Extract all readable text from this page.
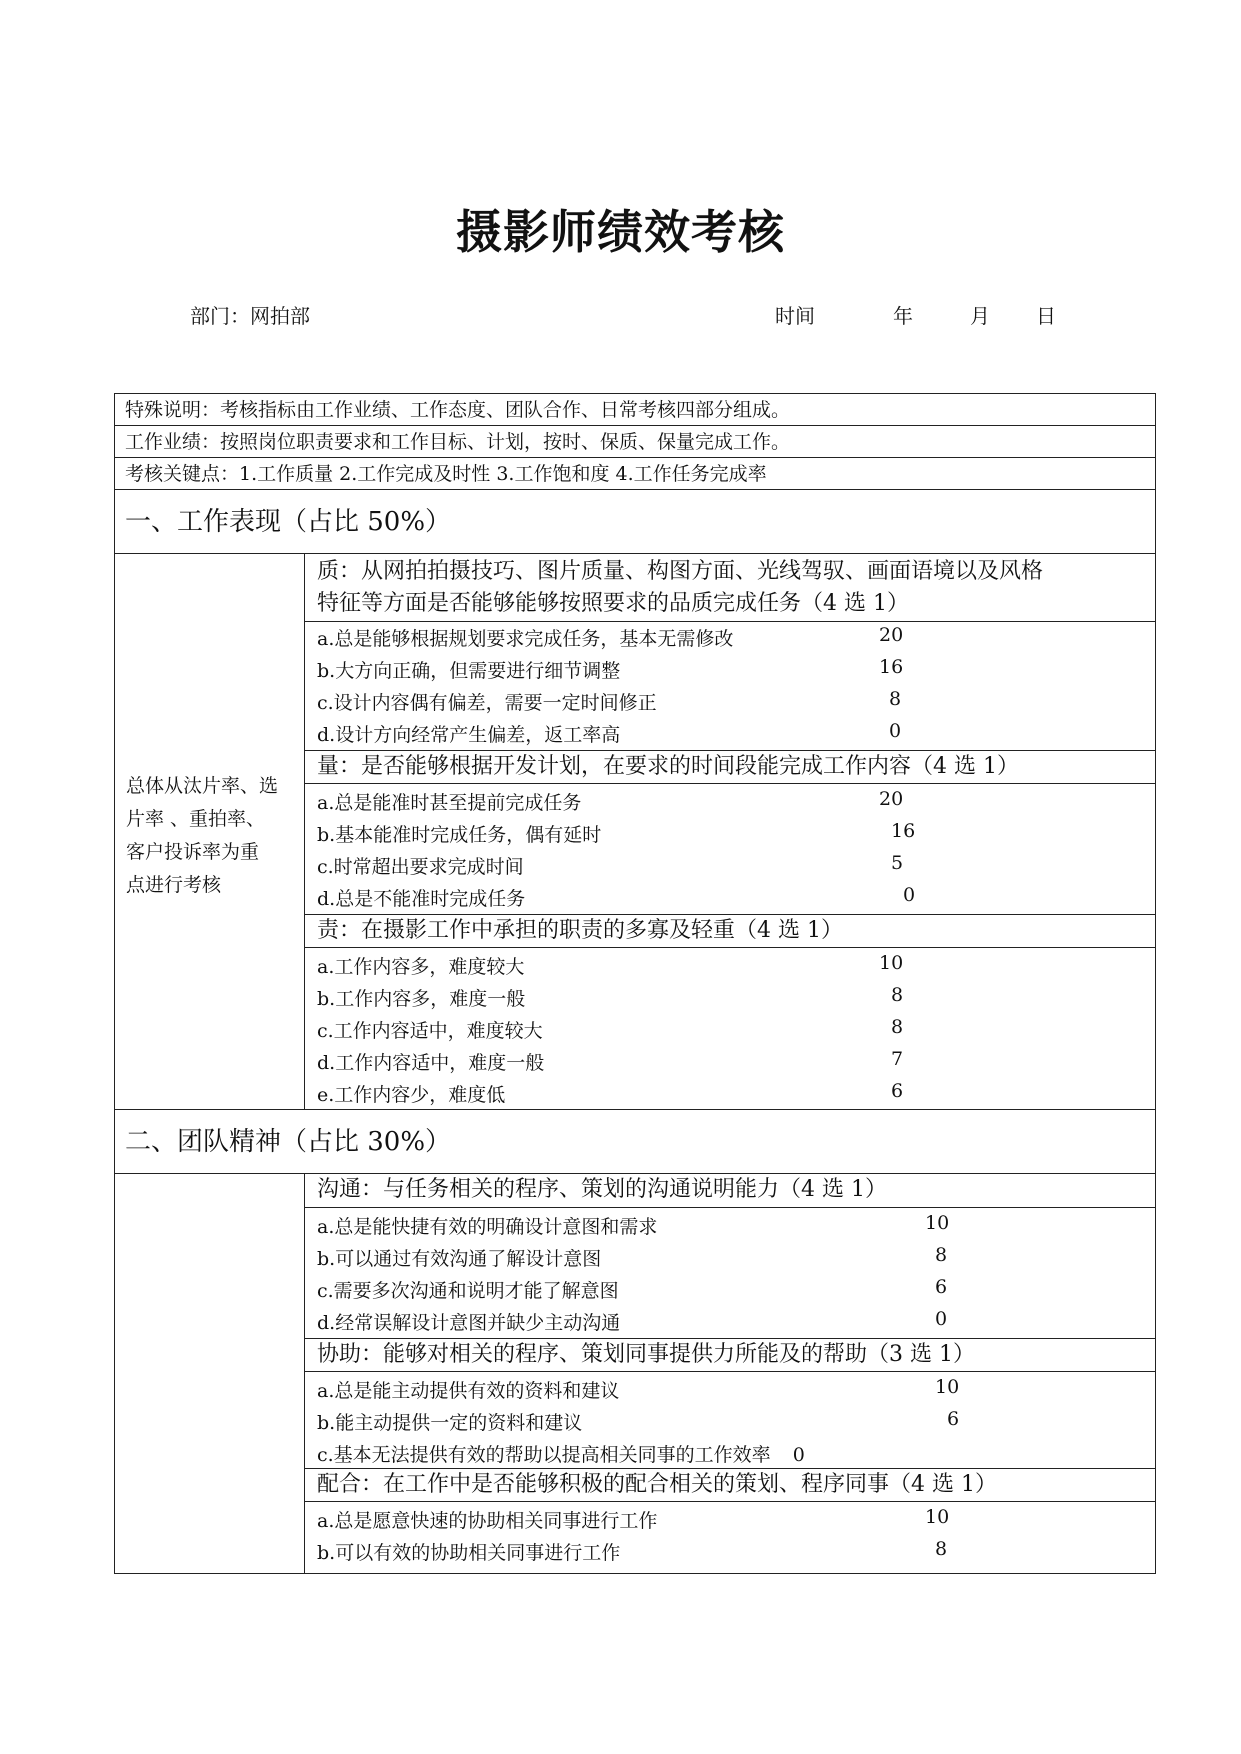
摄影师绩效考核
部门：网拍部	时间	年	月 日
特殊说明：考核指标由工作业绩、工作态度、团队合作、日常考核四部分组成。
工作业绩：按照岗位职责要求和工作目标、计划，按时、保质、保量完成工作。
考核关键点：1.工作质量 2.工作完成及时性 3.工作饱和度 4.工作任务完成率
一、工作表现（占比 50%）
总体从汰片率、选
片率 、重拍率、
客户投诉率为重
点进行考核
质：从网拍拍摄技巧、图片质量、构图方面、光线驾驭、画面语境以及风格
特征等方面是否能够能够按照要求的品质完成任务（4 选 1）
a.总是能够根据规划要求完成任务，基本无需修改	20
b.大方向正确，但需要进行细节调整	16
c.设计内容偶有偏差，需要一定时间修正	8
d.设计方向经常产生偏差，返工率高	0
量：是否能够根据开发计划，在要求的时间段能完成工作内容（4 选 1）
a.总是能准时甚至提前完成任务	20
b.基本能准时完成任务，偶有延时	16
c.时常超出要求完成时间	5
d.总是不能准时完成任务	0
责：在摄影工作中承担的职责的多寡及轻重（4 选 1）
a.工作内容多，难度较大	10
b.工作内容多，难度一般	8
c.工作内容适中，难度较大	8
d.工作内容适中，难度一般	7
e.工作内容少，难度低	6
二、团队精神（占比 30%）
沟通：与任务相关的程序、策划的沟通说明能力（4 选 1）
a.总是能快捷有效的明确设计意图和需求	10
b.可以通过有效沟通了解设计意图	8
c.需要多次沟通和说明才能了解意图	6
d.经常误解设计意图并缺少主动沟通	0
协助：能够对相关的程序、策划同事提供力所能及的帮助（3 选 1）
a.总是能主动提供有效的资料和建议	10
b.能主动提供一定的资料和建议	6
c.基本无法提供有效的帮助以提高相关同事的工作效率 0
配合：在工作中是否能够积极的配合相关的策划、程序同事（4 选 1）
a.总是愿意快速的协助相关同事进行工作	10
b.可以有效的协助相关同事进行工作	8
